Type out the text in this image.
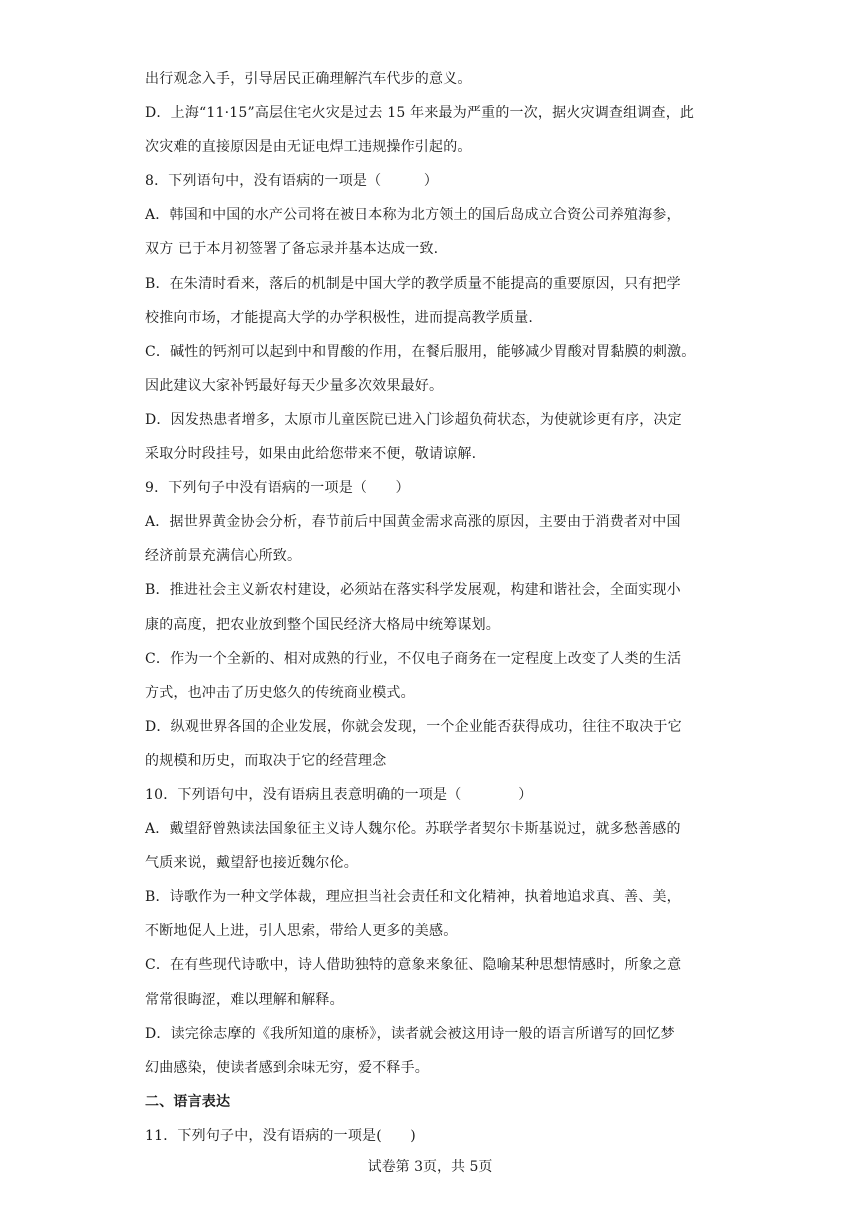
出行观念入手，引导居民正确理解汽车代步的意义。
D．上海“11·15”高层住宅火灾是过去 15 年来最为严重的一次，据火灾调查组调查，此
次灾难的直接原因是由无证电焊工违规操作引起的。
8．下列语句中，没有语病的一项是（　　　）
A．韩国和中国的水产公司将在被日本称为北方领土的国后岛成立合资公司养殖海参，
双方 已于本月初签署了备忘录并基本达成一致.
B．在朱清时看来，落后的机制是中国大学的教学质量不能提高的重要原因，只有把学
校推向市场，才能提高大学的办学积极性，进而提高教学质量.
C．碱性的钙剂可以起到中和胃酸的作用，在餐后服用，能够减少胃酸对胃黏膜的刺激。
因此建议大家补钙最好每天少量多次效果最好。
D．因发热患者增多，太原市儿童医院已进入门诊超负荷状态，为使就诊更有序，决定
采取分时段挂号，如果由此给您带来不便，敬请谅解.
9．下列句子中没有语病的一项是（　　）
A．据世界黄金协会分析，春节前后中国黄金需求高涨的原因，主要由于消费者对中国
经济前景充满信心所致。
B．推进社会主义新农村建设，必须站在落实科学发展观，构建和谐社会，全面实现小
康的高度，把农业放到整个国民经济大格局中统筹谋划。
C．作为一个全新的、相对成熟的行业，不仅电子商务在一定程度上改变了人类的生活
方式，也冲击了历史悠久的传统商业模式。
D．纵观世界各国的企业发展，你就会发现，一个企业能否获得成功，往往不取决于它
的规模和历史，而取决于它的经营理念
10．下列语句中，没有语病且表意明确的一项是（　　　　）
A．戴望舒曾熟读法国象征主义诗人魏尔伦。苏联学者契尔卡斯基说过，就多愁善感的
气质来说，戴望舒也接近魏尔伦。
B．诗歌作为一种文学体裁，理应担当社会责任和文化精神，执着地追求真、善、美，
不断地促人上进，引人思索，带给人更多的美感。
C．在有些现代诗歌中，诗人借助独特的意象来象征、隐喻某种思想情感时，所象之意
常常很晦涩，难以理解和解释。
D．读完徐志摩的《我所知道的康桥》，读者就会被这用诗一般的语言所谱写的回忆梦
幻曲感染，使读者感到余味无穷，爱不释手。
二、语言表达
11．下列句子中，没有语病的一项是(　　)
试卷第 3页，共 5页
